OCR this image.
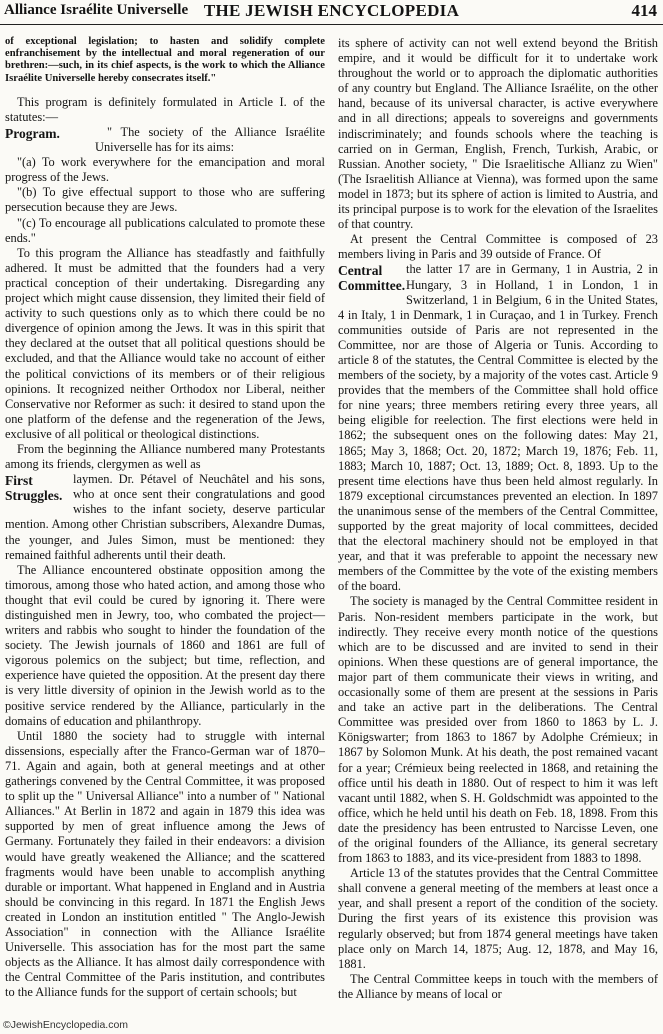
Alliance Israélite Universelle THE JEWISH ENCYCLOPEDIA	414

of exceptional legislation; to hasten and solidify complete enfranchisement by the intellectual and moral regeneration of our brethren:—such, in its chief aspects, is the work to which the Alliance Israélite Universelle hereby consecrates itself."

This program is definitely formulated in Article I. of the statutes:—

Program.	" The society of the Alliance Israélite Universelle has for its aims:

"(a) To work everywhere for the emancipation and moral progress of the Jews.

"(b) To give effectual support to those who are suffering persecution because they are Jews.

"(c) To encourage all publications calculated to promote these ends."

To this program the Alliance has steadfastly and faithfully adhered. It must be admitted that the founders had a very practical conception of their undertaking. Disregarding any project which might cause dissension, they limited their field of activity to such questions only as to which there could be no divergence of opinion among the Jews. It was in this spirit that they declared at the outset that all political questions should be excluded, and that the Alliance would take no account of either the political convictions of its members or of their religious opinions. It recognized neither Orthodox nor Liberal, neither Conservative nor Reformer as such: it desired to stand upon the one platform of the defense and the regeneration of the Jews, exclusive of all political or theological distinctions.

From the beginning the Alliance numbered many Protestants among its friends, clergymen as well as

First
Struggles.

laymen. Dr. Pétavel of Neuchâtel and his sons, who at once sent their congratulations and good wishes to the infant society, deserve particular mention. Among other Christian subscribers, Alexandre Dumas, the younger, and Jules Simon, must be mentioned: they remained faithful adherents until their death.

The Alliance encountered obstinate opposition among the timorous, among those who hated action, and among those who thought that evil could be cured by ignoring it. There were distinguished men in Jewry, too, who combated the project—writers and rabbis who sought to hinder the foundation of the society. The Jewish journals of 1860 and 1861 are full of vigorous polemics on the subject; but time, reflection, and experience have quieted the opposition. At the present day there is very little diversity of opinion in the Jewish world as to the positive service rendered by the Alliance, particularly in the domains of education and philanthropy.

Until 1880 the society had to struggle with internal dissensions, especially after the Franco-German war of 1870–71. Again and again, both at general meetings and at other gatherings convened by the Central Committee, it was proposed to split up the " Universal Alliance" into a number of " National Alliances." At Berlin in 1872 and again in 1879 this idea was supported by men of great influence among the Jews of Germany. Fortunately they failed in their endeavors: a division would have greatly weakened the Alliance; and the scattered fragments would have been unable to accomplish anything durable or important. What happened in England and in Austria should be convincing in this regard. In 1871 the English Jews created in London an institution entitled " The Anglo-Jewish Association" in connection with the Alliance Israélite Universelle. This association has for the most part the same objects as the Alliance. It has almost daily correspondence with the Central Committee of the Paris institution, and contributes to the Alliance funds for the support of certain schools; but

its sphere of activity can not well extend beyond the British empire, and it would be difficult for it to undertake work throughout the world or to approach the diplomatic authorities of any country but England. The Alliance Israélite, on the other hand, because of its universal character, is active everywhere and in all directions; appeals to sovereigns and governments indiscriminately; and founds schools where the teaching is carried on in German, English, French, Turkish, Arabic, or Russian. Another society, " Die Israelitische Allianz zu Wien" (The Israelitish Alliance at Vienna), was formed upon the same model in 1873; but its sphere of action is limited to Austria, and its principal purpose is to work for the elevation of the Israelites of that country.

At present the Central Committee is composed of 23 members living in Paris and 39 outside of France. Of

Central
Committee.

the latter 17 are in Germany, 1 in Austria, 2 in Hungary, 3 in Holland, 1 in London, 1 in Switzerland, 1 in Belgium, 6 in the United States, 4 in Italy, 1 in Denmark, 1 in Curaçao, and 1 in Turkey. French communities outside of Paris are not represented in the Committee, nor are those of Algeria or Tunis. According to article 8 of the statutes, the Central Committee is elected by the members of the society, by a majority of the votes cast. Article 9 provides that the members of the Committee shall hold office for nine years; three members retiring every three years, all being eligible for reelection. The first elections were held in 1862; the subsequent ones on the following dates: May 21, 1865; May 3, 1868; Oct. 20, 1872; March 19, 1876; Feb. 11, 1883; March 10, 1887; Oct. 13, 1889; Oct. 8, 1893. Up to the present time elections have thus been held almost regularly. In 1879 exceptional circumstances prevented an election. In 1897 the unanimous sense of the members of the Central Committee, supported by the great majority of local committees, decided that the electoral machinery should not be employed in that year, and that it was preferable to appoint the necessary new members of the Committee by the vote of the existing members of the board.

The society is managed by the Central Committee resident in Paris. Non-resident members participate in the work, but indirectly. They receive every month notice of the questions which are to be discussed and are invited to send in their opinions. When these questions are of general importance, the major part of them communicate their views in writing, and occasionally some of them are present at the sessions in Paris and take an active part in the deliberations. The Central Committee was presided over from 1860 to 1863 by L. J. Königswarter; from 1863 to 1867 by Adolphe Crémieux; in 1867 by Solomon Munk. At his death, the post remained vacant for a year; Crémieux being reelected in 1868, and retaining the office until his death in 1880. Out of respect to him it was left vacant until 1882, when S. H. Goldschmidt was appointed to the office, which he held until his death on Feb. 18, 1898. From this date the presidency has been entrusted to Narcisse Leven, one of the original founders of the Alliance, its general secretary from 1863 to 1883, and its vice-president from 1883 to 1898.

Article 13 of the statutes provides that the Central Committee shall convene a general meeting of the members at least once a year, and shall present a report of the condition of the society. During the first years of its existence this provision was regularly observed; but from 1874 general meetings have taken place only on March 14, 1875; Aug. 12, 1878, and May 16, 1881.

The Central Committee keeps in touch with the members of the Alliance by means of local or

©JewishEncyclopedia.com
